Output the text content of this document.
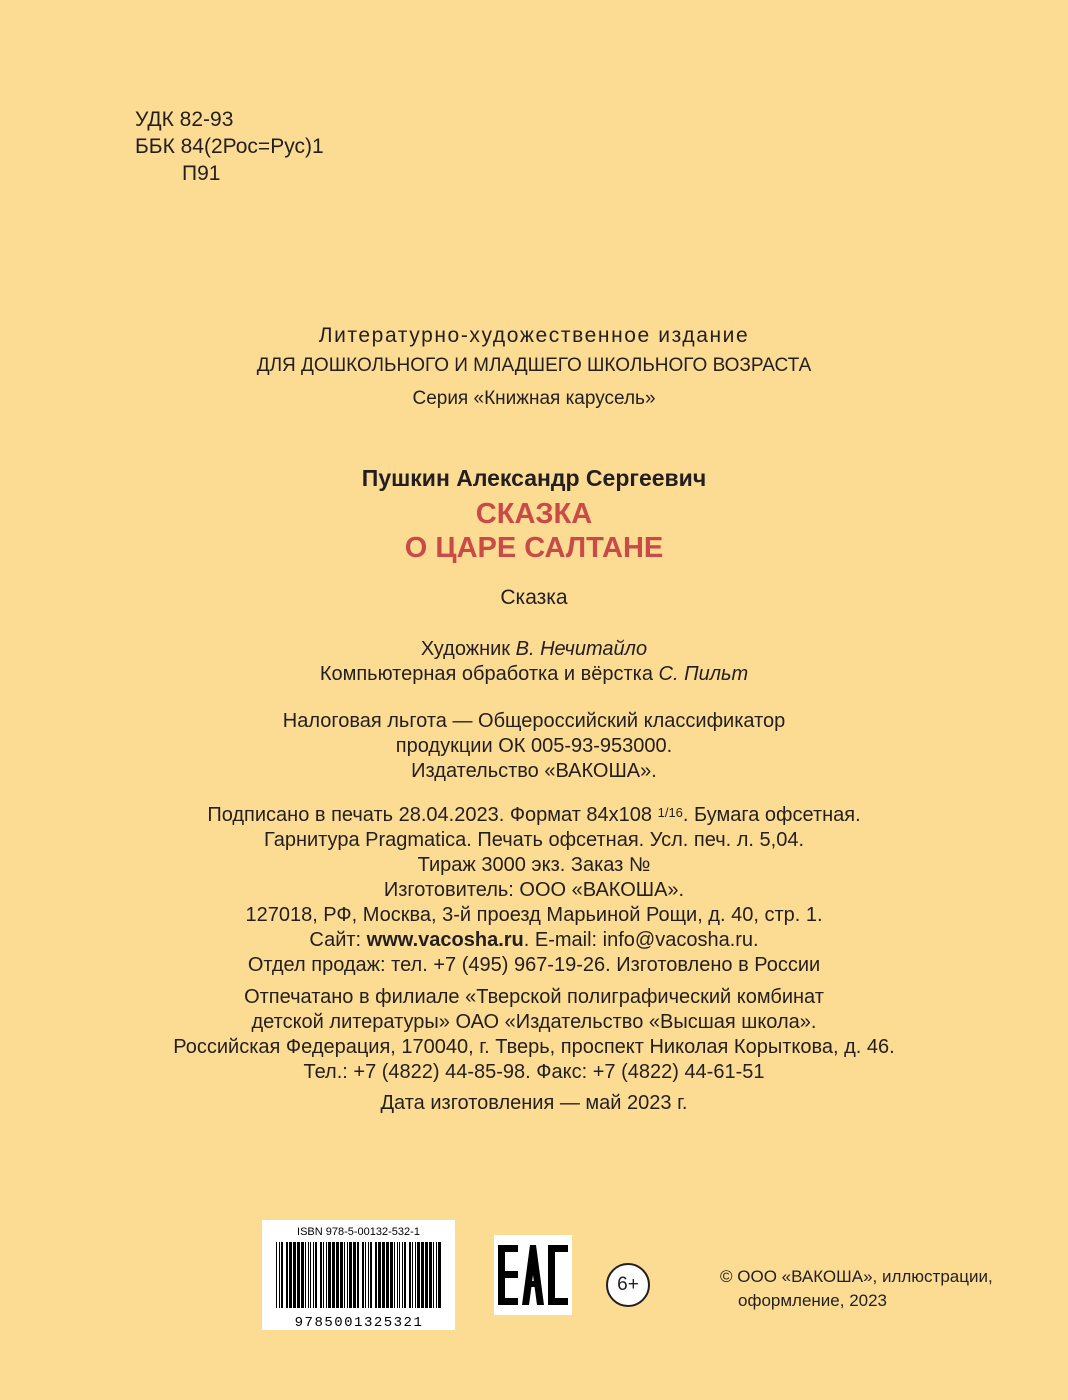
УДК 82-93
ББК 84(2Рос=Рус)1
П91
Литературно-художественное издание
ДЛЯ ДОШКОЛЬНОГО И МЛАДШЕГО ШКОЛЬНОГО ВОЗРАСТА
Серия «Книжная карусель»
Пушкин Александр Сергеевич
СКАЗКА
О ЦАРЕ САЛТАНЕ
Сказка
Художник В. Нечитайло
Компьютерная обработка и вёрстка С. Пильт
Налоговая льгота — Общероссийский классификатор
продукции ОК 005-93-953000.
Издательство «ВАКОША».
Подписано в печать 28.04.2023. Формат 84х108 $^{1/16}$. Бумага офсетная.
Гарнитура Pragmatica. Печать офсетная. Усл. печ. л. 5,04.
Тираж 3000 экз. Заказ №
Изготовитель: ООО «ВАКОША».
127018, РФ, Москва, 3-й проезд Марьиной Рощи, д. 40, стр. 1.
Сайт: www.vacosha.ru. E-mail: info@vacosha.ru.
Отдел продаж: тел. +7 (495) 967-19-26. Изготовлено в России
Отпечатано в филиале «Тверской полиграфический комбинат
детской литературы» ОАО «Издательство «Высшая школа».
Российская Федерация, 170040, г. Тверь, проспект Николая Корыткова, д. 46.
Тел.: +7 (4822) 44-85-98. Факс: +7 (4822) 44-61-51
Дата изготовления — май 2023 г.
ISBN 978-5-00132-532-1
9785001325321
6+	© ООО «ВАКОША», иллюстрации,
оформление, 2023
